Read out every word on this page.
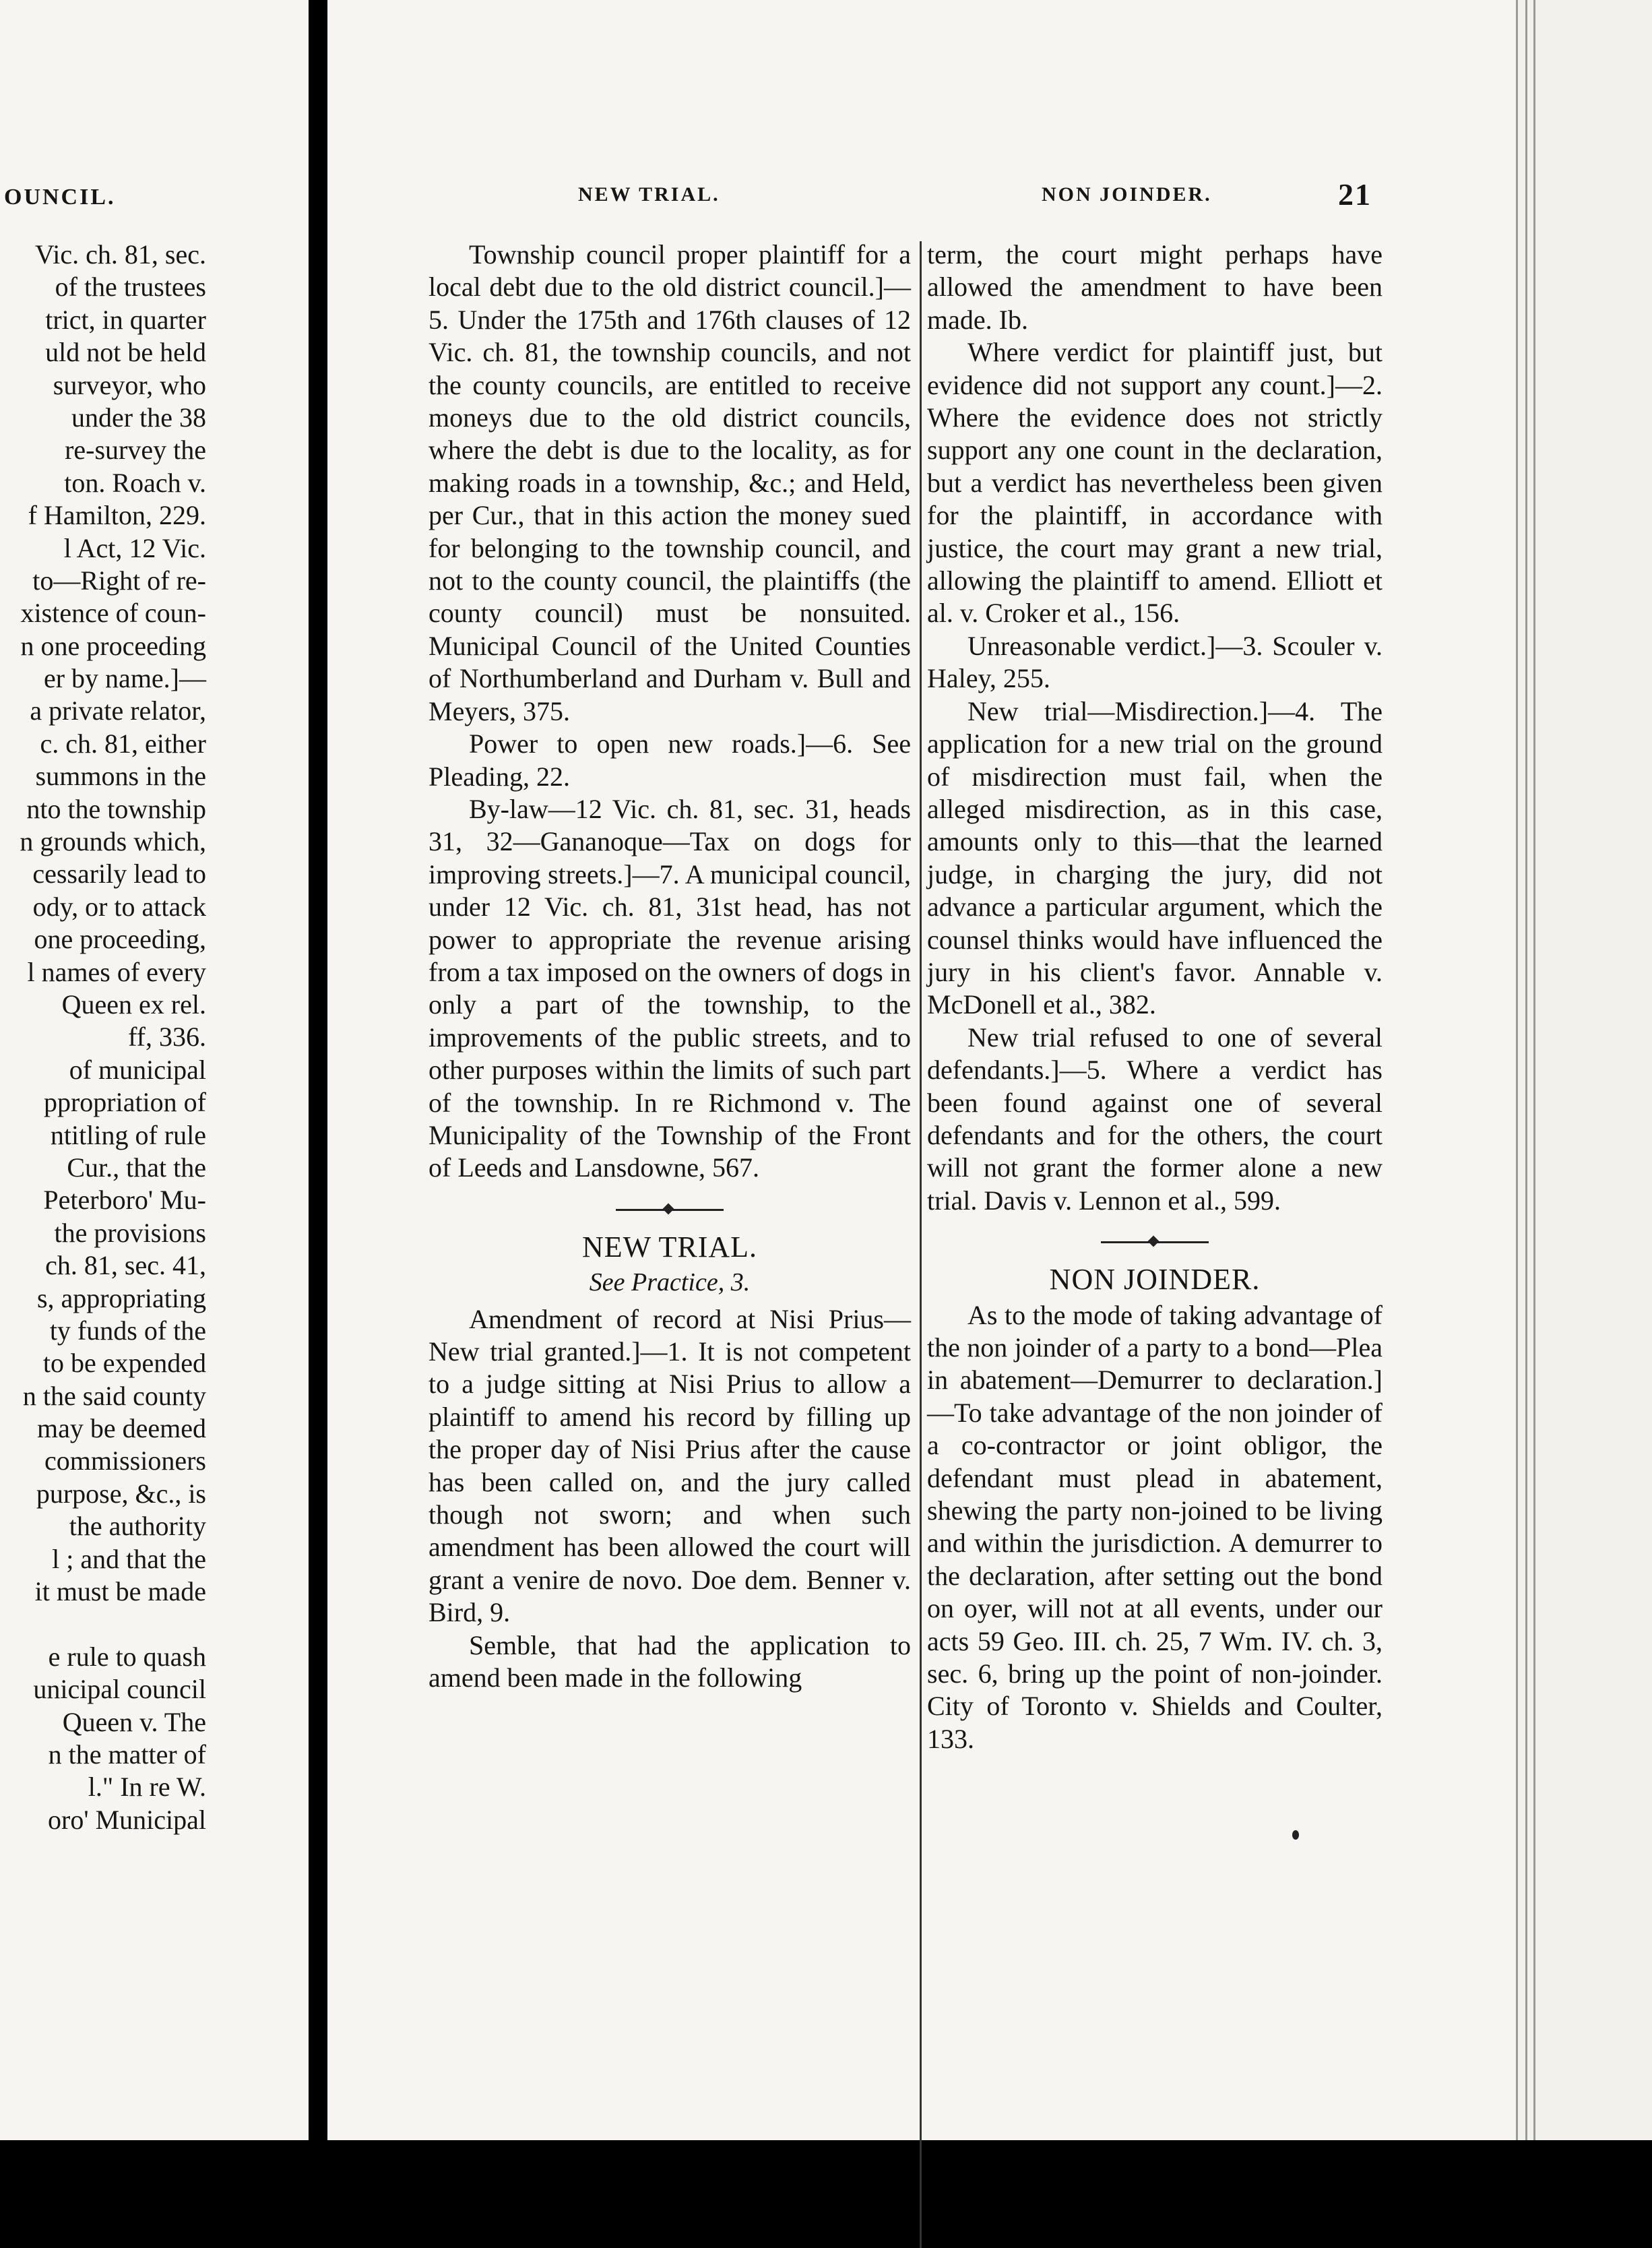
OUNCIL.
Vic. ch. 81, sec.
of the trustees
trict, in quarter
uld not be held
surveyor, who
under the 38
re-survey the
ton. Roach v.
f Hamilton, 229.
l Act, 12 Vic.
to—Right of re-
xistence of coun-
n one proceeding
er by name.]—
a private relator,
c. ch. 81, either
summons in the
nto the township
n grounds which,
cessarily lead to
ody, or to attack
one proceeding,
l names of every
Queen ex rel.
ff, 336.
of municipal
ppropriation of
ntitling of rule
Cur., that the
Peterboro' Mu-
the provisions
ch. 81, sec. 41,
s, appropriating
ty funds of the
to be expended
n the said county
may be deemed
commissioners
purpose, &c., is
the authority
l ; and that the
it must be made
e rule to quash
unicipal council
Queen v. The
n the matter of
l." In re W.
oro' Municipal
NEW TRIAL.	NON JOINDER.	21

Township council proper plaintiff for a local debt due to the old district council.]—5. Under the 175th and 176th clauses of 12 Vic. ch. 81, the township councils, and not the county councils, are entitled to receive moneys due to the old district councils, where the debt is due to the locality, as for making roads in a township, &c.; and Held, per Cur., that in this action the money sued for belonging to the township council, and not to the county council, the plaintiffs (the county council) must be nonsuited. Municipal Council of the United Counties of Northumberland and Durham v. Bull and Meyers, 375.

Power to open new roads.]—6. See Pleading, 22.

By-law—12 Vic. ch. 81, sec. 31, heads 31, 32—Gananoque—Tax on dogs for improving streets.]—7. A municipal council, under 12 Vic. ch. 81, 31st head, has not power to appropriate the revenue arising from a tax imposed on the owners of dogs in only a part of the township, to the improvements of the public streets, and to other purposes within the limits of such part of the township. In re Richmond v. The Municipality of the Township of the Front of Leeds and Lansdowne, 567.

NEW TRIAL.
See Practice, 3.

Amendment of record at Nisi Prius—New trial granted.]—1. It is not competent to a judge sitting at Nisi Prius to allow a plaintiff to amend his record by filling up the proper day of Nisi Prius after the cause has been called on, and the jury called though not sworn; and when such amendment has been allowed the court will grant a venire de novo. Doe dem. Benner v. Bird, 9.

Semble, that had the application to amend been made in the following

term, the court might perhaps have allowed the amendment to have been made. Ib.

Where verdict for plaintiff just, but evidence did not support any count.]—2. Where the evidence does not strictly support any one count in the declaration, but a verdict has nevertheless been given for the plaintiff, in accordance with justice, the court may grant a new trial, allowing the plaintiff to amend. Elliott et al. v. Croker et al., 156.

Unreasonable verdict.]—3. Scouler v. Haley, 255.

New trial—Misdirection.]—4. The application for a new trial on the ground of misdirection must fail, when the alleged misdirection, as in this case, amounts only to this—that the learned judge, in charging the jury, did not advance a particular argument, which the counsel thinks would have influenced the jury in his client's favor. Annable v. McDonell et al., 382.

New trial refused to one of several defendants.]—5. Where a verdict has been found against one of several defendants and for the others, the court will not grant the former alone a new trial. Davis v. Lennon et al., 599.

NON JOINDER.

As to the mode of taking advantage of the non joinder of a party to a bond—Plea in abatement—Demurrer to declaration.]—To take advantage of the non joinder of a co-contractor or joint obligor, the defendant must plead in abatement, shewing the party non-joined to be living and within the jurisdiction. A demurrer to the declaration, after setting out the bond on oyer, will not at all events, under our acts 59 Geo. III. ch. 25, 7 Wm. IV. ch. 3, sec. 6, bring up the point of non-joinder. City of Toronto v. Shields and Coulter, 133.
